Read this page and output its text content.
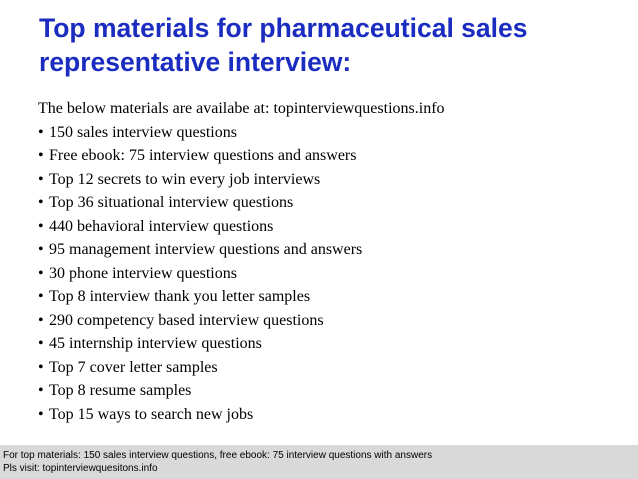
Top materials for pharmaceutical sales
representative interview:
The below materials are availabe at: topinterviewquestions.info
• 150 sales interview questions
• Free ebook: 75 interview questions and answers
• Top 12 secrets to win every job interviews
• Top 36 situational interview questions
• 440 behavioral interview questions
• 95 management interview questions and answers
• 30 phone interview questions
• Top 8 interview thank you letter samples
• 290 competency based interview questions
• 45 internship interview questions
• Top 7 cover letter samples
• Top 8 resume samples
• Top 15 ways to search new jobs
For top materials: 150 sales interview questions, free ebook: 75 interview questions with answers
Pls visit: topinterviewquesitons.info
